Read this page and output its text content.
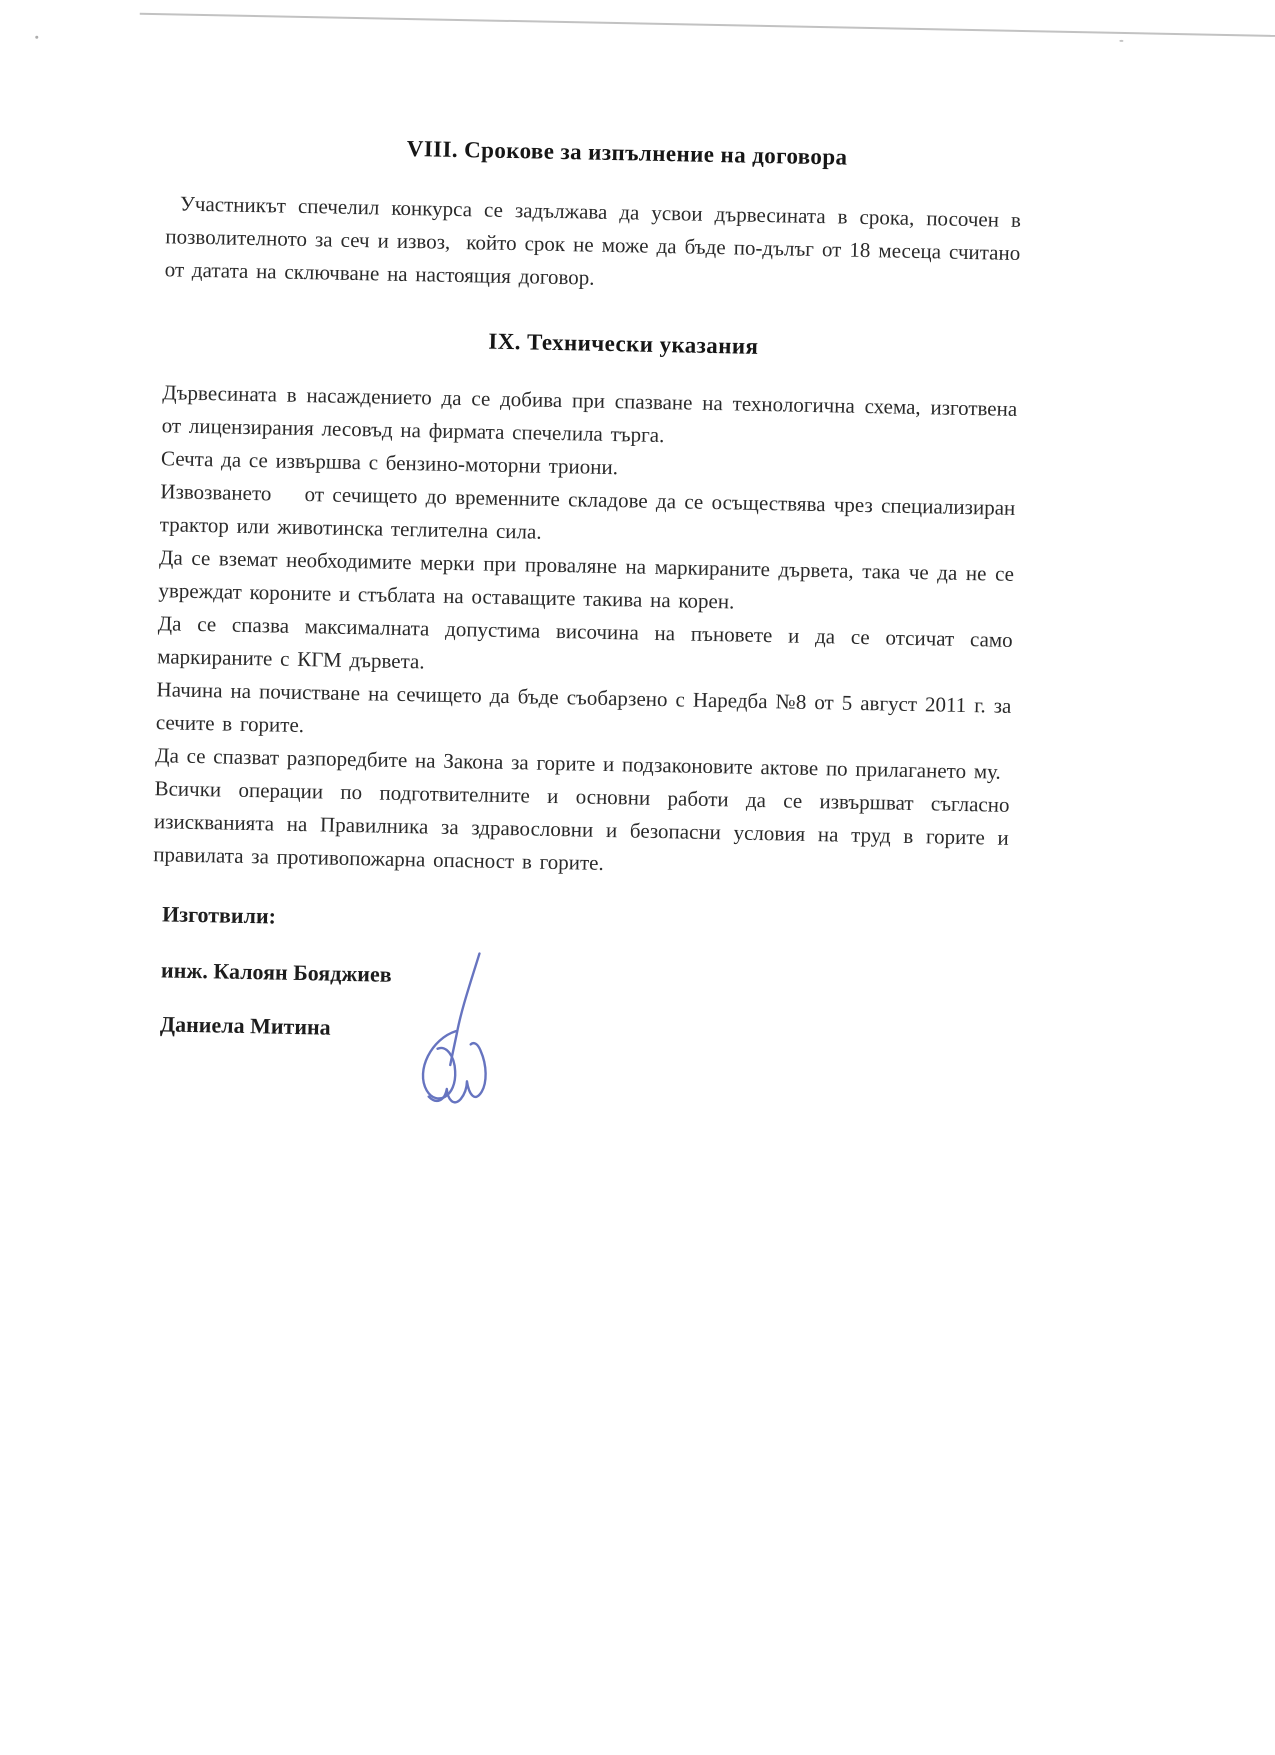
VIII. Срокове за изпълнение на договора

Участникът спечелил конкурса се задължава да усвои дървесината в срока, посочен в позволителното за сеч и извоз,  който срок не може да бъде по-дълъг от 18 месеца считано от датата на сключване на настоящия договор.

IX. Технически указания

Дървесината в насаждението да се добива при спазване на технологична схема, изготвена от лицензирания лесовъд на фирмата спечелила търга.

Сечта да се извършва с бензино-моторни триони.

Извозването    от сечището до временните складове да се осъществява чрез специализиран трактор или животинска теглителна сила.

Да се вземат необходимите мерки при проваляне на маркираните дървета, така че да не се увреждат короните и стъблата на оставащите такива на корен.

Да се спазва максималната допустима височина на пъновете и да се отсичат само маркираните с КГМ дървета.

Начина на почистване на сечището да бъде съобарзено с Наредба №8 от 5 август 2011 г. за сечите в горите.

Да се спазват разпоредбите на Закона за горите и подзаконовите актове по прилагането му.

Всички операции по подготвителните и основни работи да се извършват съгласно изискванията на Правилника за здравословни и безопасни условия на труд в горите и правилата за противопожарна опасност в горите.

Изготвили:

инж. Калоян Бояджиев

Даниела Митина
